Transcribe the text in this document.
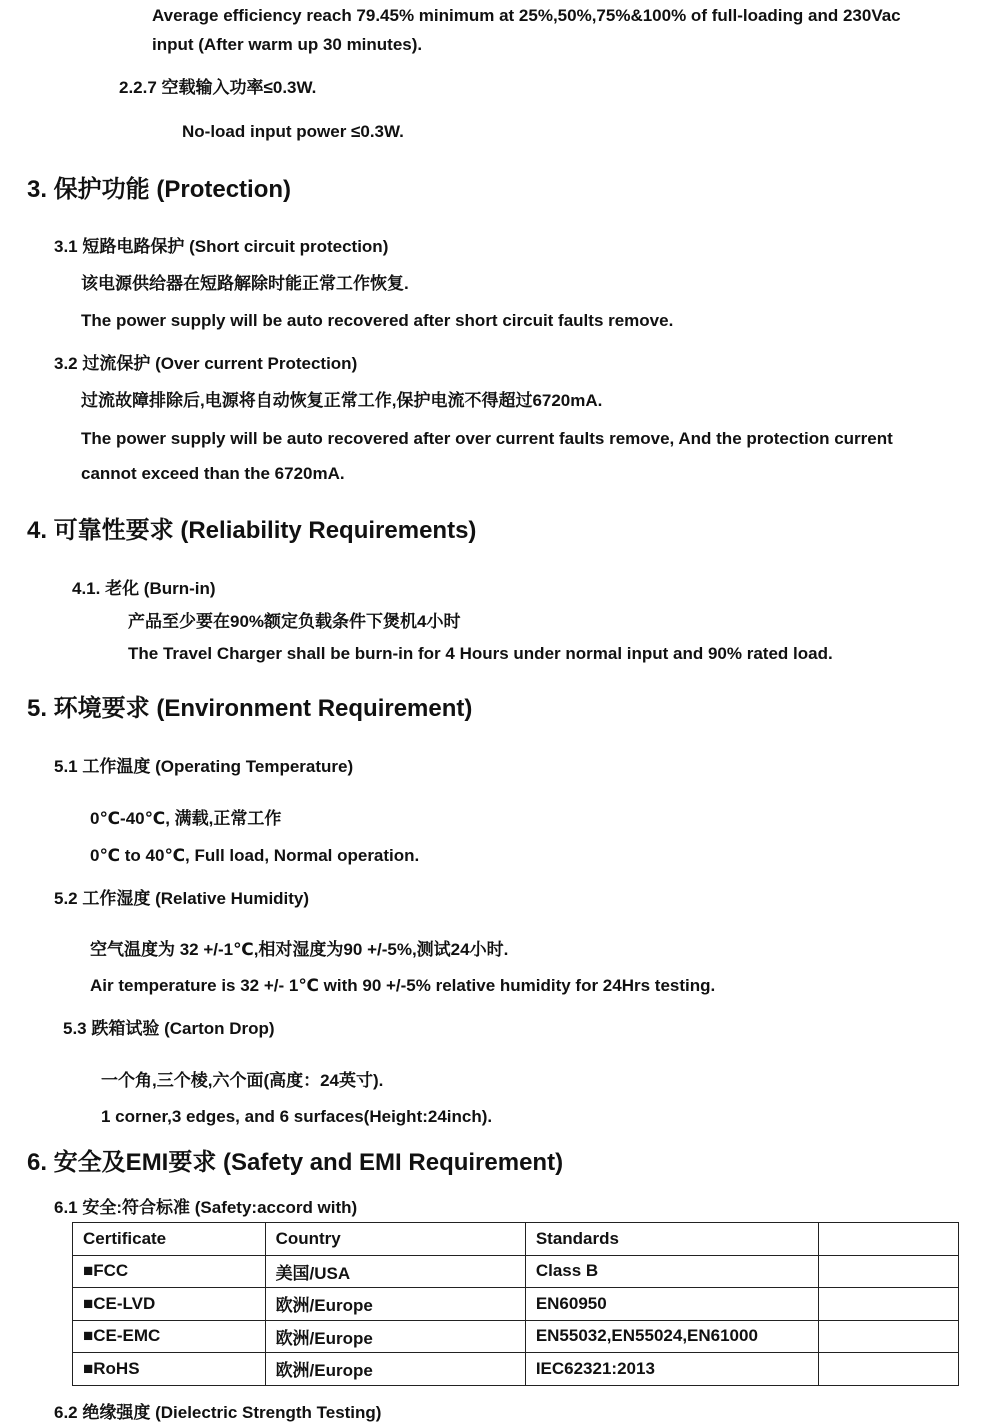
Average efficiency reach 79.45% minimum at 25%,50%,75%&100% of full-loading and 230Vac
input (After warm up 30 minutes).
2.2.7 空载输入功率≤0.3W.
No-load input power ≤0.3W.
3. 保护功能 (Protection)
3.1 短路电路保护 (Short circuit protection)
该电源供给器在短路解除时能正常工作恢复.
The power supply will be auto recovered after short circuit faults remove.
3.2 过流保护 (Over current Protection)
过流故障排除后,电源将自动恢复正常工作,保护电流不得超过6720mA.
The power supply will be auto recovered after over current faults remove, And the protection current
cannot exceed than the 6720mA.
4. 可靠性要求 (Reliability Requirements)
4.1. 老化 (Burn-in)
产品至少要在90%额定负载条件下煲机4小时
The Travel Charger shall be burn-in for 4 Hours under normal input and 90% rated load.
5. 环境要求 (Environment Requirement)
5.1 工作温度 (Operating Temperature)
0℃-40℃, 满载,正常工作
0℃ to 40℃, Full load, Normal operation.
5.2 工作湿度 (Relative Humidity)
空气温度为 32 +/-1℃,相对湿度为90 +/-5%,测试24小时.
Air temperature is 32 +/- 1℃ with 90 +/-5% relative humidity for 24Hrs testing.
5.3 跌箱试验 (Carton Drop)
一个角,三个棱,六个面(高度：24英寸).
1 corner,3 edges, and 6 surfaces(Height:24inch).
6. 安全及EMI要求 (Safety and EMI Requirement)
6.1 安全:符合标准 (Safety:accord with)
Certificate	Country	Standards	
■FCC	美国/USA	Class B	
■CE-LVD	欧洲/Europe	EN60950	
■CE-EMC	欧洲/Europe	EN55032,EN55024,EN61000	
■RoHS	欧洲/Europe	IEC62321:2013	
6.2 绝缘强度 (Dielectric Strength Testing)
